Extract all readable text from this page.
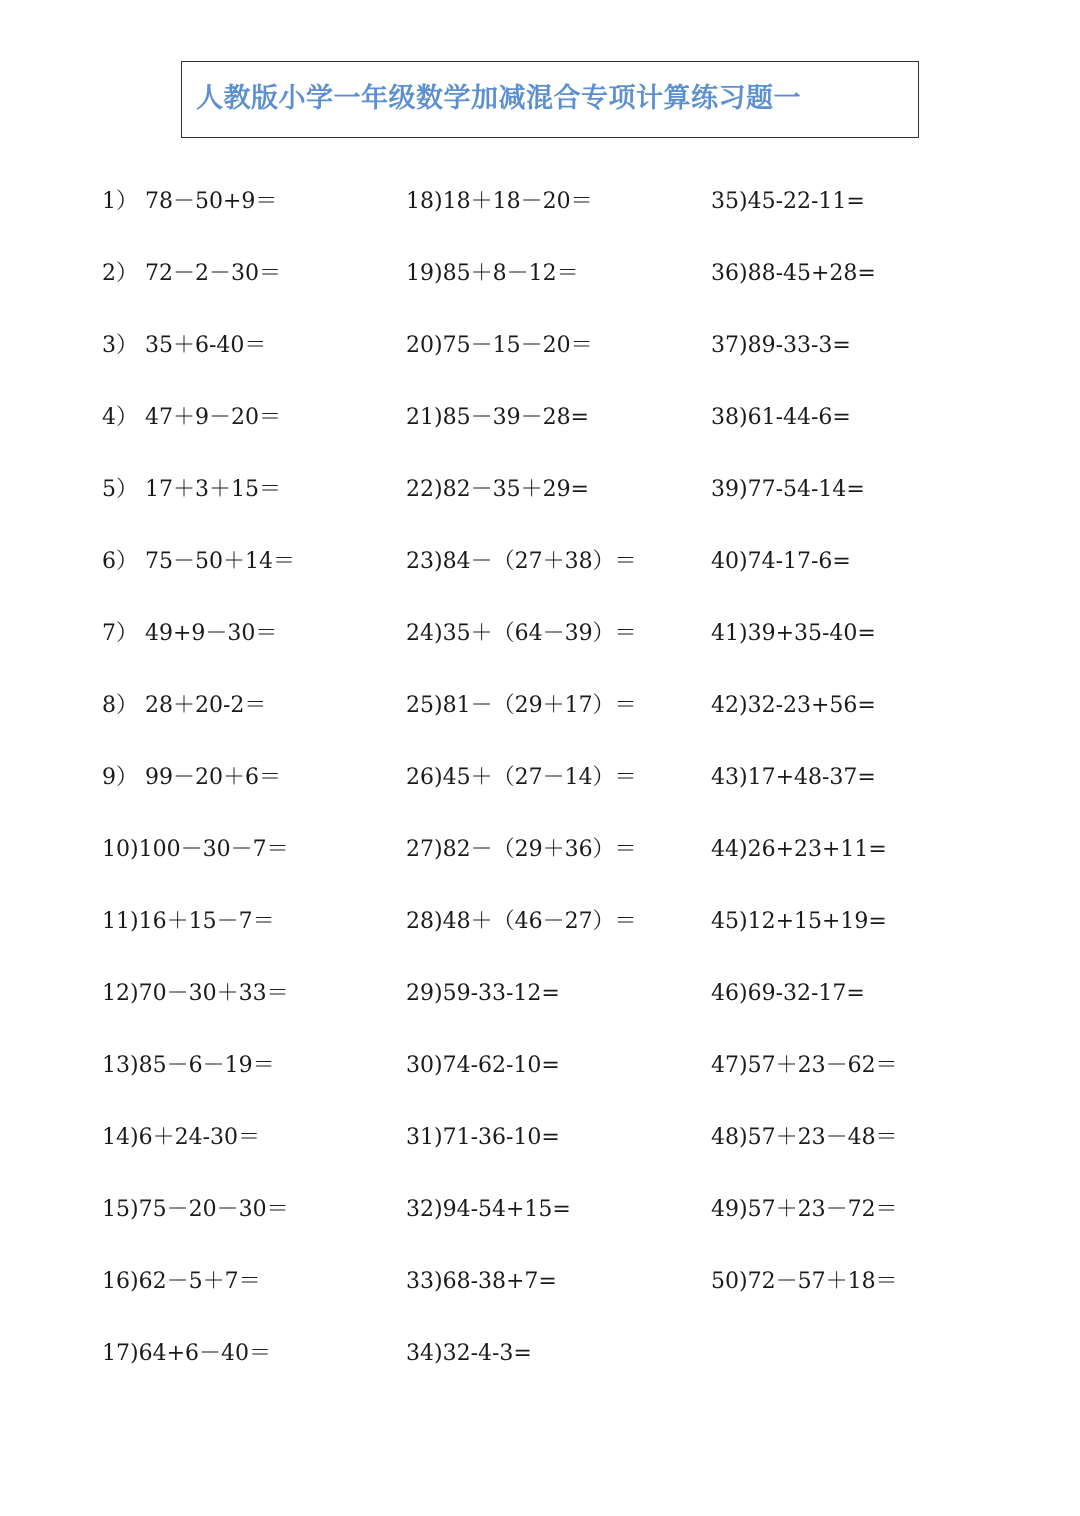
人教版小学一年级数学加减混合专项计算练习题一
1） 78－50+9＝
2） 72－2－30＝
3） 35＋6-40＝
4） 47＋9－20＝
5） 17＋3＋15＝
6） 75－50＋14＝
7） 49+9－30＝
8） 28＋20-2＝
9） 99－20＋6＝
10)100－30－7＝
11)16＋15－7＝
12)70－30＋33＝
13)85－6－19＝
14)6＋24-30＝
15)75－20－30＝
16)62－5＋7＝
17)64+6－40＝
18)18＋18－20＝
19)85＋8－12＝
20)75－15－20＝
21)85－39－28=
22)82－35＋29=
23)84－（27＋38）＝
24)35＋（64－39）＝
25)81－（29＋17）＝
26)45＋（27－14）＝
27)82－（29＋36）＝
28)48＋（46－27）＝
29)59-33-12=
30)74-62-10=
31)71-36-10=
32)94-54+15=
33)68-38+7=
34)32-4-3=
35)45-22-11=
36)88-45+28=
37)89-33-3=
38)61-44-6=
39)77-54-14=
40)74-17-6=
41)39+35-40=
42)32-23+56=
43)17+48-37=
44)26+23+11=
45)12+15+19=
46)69-32-17=
47)57＋23－62＝
48)57＋23－48＝
49)57＋23－72＝
50)72－57＋18＝
